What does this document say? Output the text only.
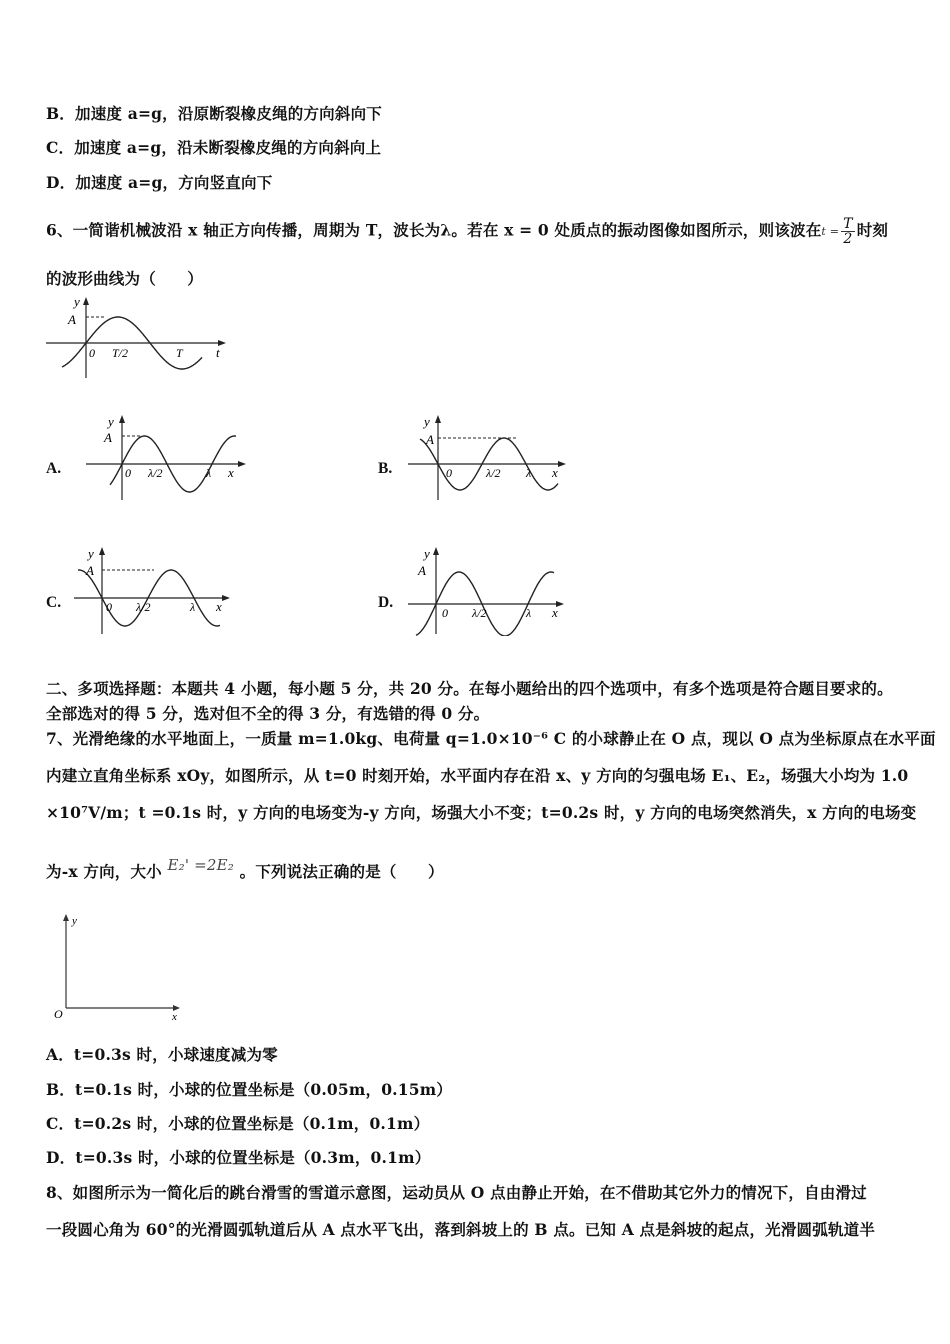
B．加速度 a=g，沿原断裂橡皮绳的方向斜向下
C．加速度 a=g，沿未断裂橡皮绳的方向斜向上
D．加速度 a=g，方向竖直向下
6、一简谐机械波沿 x 轴正方向传播，周期为 T，波长为λ。若在 x = 0 处质点的振动图像如图所示，则该波在$t = \frac{T}{2}$ 时刻
的波形曲线为（　　）
y
A
0 T/2	T	t
A.
y
A
0 λ/2	λ x	B.
y
A
0	λ/2 λ x
C.
y
A
0 λ/2	λ x	D.
y
A
0 λ/2	λ x
二、多项选择题：本题共 4 小题，每小题 5 分，共 20 分。在每小题给出的四个选项中，有多个选项是符合题目要求的。
全部选对的得 5 分，选对但不全的得 3 分，有选错的得 0 分。
7、光滑绝缘的水平地面上，一质量 m=1.0kg、电荷量 q=1.0×10⁻⁶ C 的小球静止在 O 点，现以 O 点为坐标原点在水平面
内建立直角坐标系 xOy，如图所示，从 t=0 时刻开始，水平面内存在沿 x、y 方向的匀强电场 E₁、E₂，场强大小均为 1.0
×10⁷V/m；t =0.1s 时，y 方向的电场变为-y 方向，场强大小不变；t=0.2s 时，y 方向的电场突然消失，x 方向的电场变
为-x 方向，大小 E₂' =2E₂ 。下列说法正确的是（　　）
y
O	x
A．t=0.3s 时，小球速度减为零
B．t=0.1s 时，小球的位置坐标是（0.05m，0.15m）
C．t=0.2s 时，小球的位置坐标是（0.1m，0.1m）
D．t=0.3s 时，小球的位置坐标是（0.3m，0.1m）
8、如图所示为一简化后的跳台滑雪的雪道示意图，运动员从 O 点由静止开始，在不借助其它外力的情况下，自由滑过
一段圆心角为 60°的光滑圆弧轨道后从 A 点水平飞出，落到斜坡上的 B 点。已知 A 点是斜坡的起点，光滑圆弧轨道半
